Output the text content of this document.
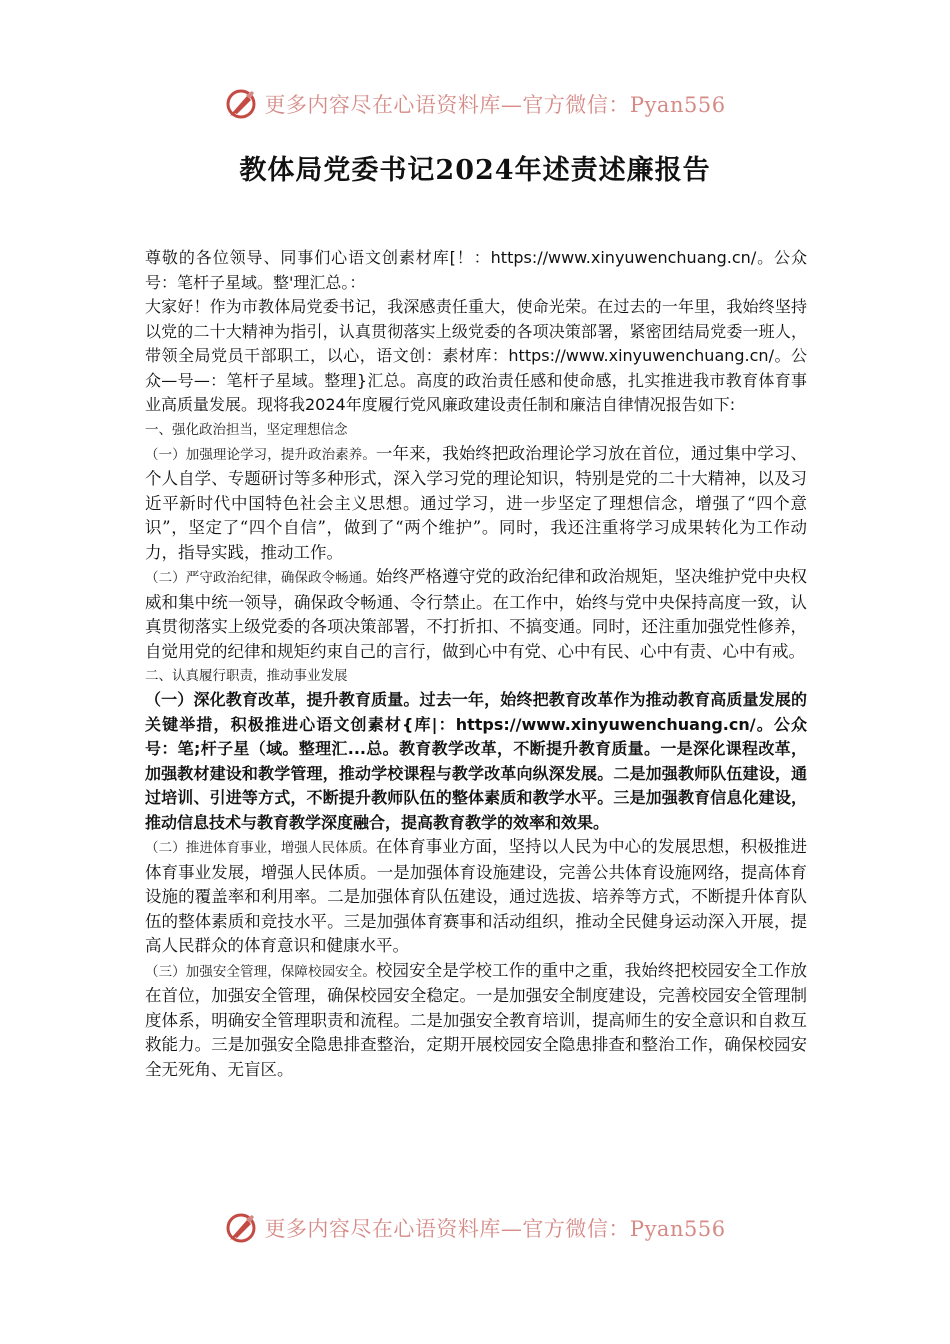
更多内容尽在心语资料库—官方微信：Pyan556
教体局党委书记2024年述责述廉报告
尊敬的各位领导、同事们心语文创素材库[！：https://www.xinyuwenchuang.cn/。公众号：笔杆子星域。整'理汇总。：
大家好！作为市教体局党委书记，我深感责任重大，使命光荣。在过去的一年里，我始终坚持以党的二十大精神为指引，认真贯彻落实上级党委的各项决策部署，紧密团结局党委一班人，带领全局党员干部职工，以心，语文创：素材库：https://www.xinyuwenchuang.cn/。公众—号—：笔杆子星域。整理}汇总。高度的政治责任感和使命感，扎实推进我市教育体育事业高质量发展。现将我2024年度履行党风廉政建设责任制和廉洁自律情况报告如下:
一、强化政治担当，坚定理想信念
（一）加强理论学习，提升政治素养。一年来，我始终把政治理论学习放在首位，通过集中学习、个人自学、专题研讨等多种形式，深入学习党的理论知识，特别是党的二十大精神，以及习近平新时代中国特色社会主义思想。通过学习，进一步坚定了理想信念，增强了“四个意识”，坚定了“四个自信”，做到了“两个维护”。同时，我还注重将学习成果转化为工作动力，指导实践，推动工作。
（二）严守政治纪律，确保政令畅通。始终严格遵守党的政治纪律和政治规矩，坚决维护党中央权威和集中统一领导，确保政令畅通、令行禁止。在工作中，始终与党中央保持高度一致，认真贯彻落实上级党委的各项决策部署，不打折扣、不搞变通。同时，还注重加强党性修养，自觉用党的纪律和规矩约束自己的言行，做到心中有党、心中有民、心中有责、心中有戒。
二、认真履行职责，推动事业发展
（一）深化教育改革，提升教育质量。过去一年，始终把教育改革作为推动教育高质量发展的关键举措，积极推进心语文创素材{库|：https://www.xinyuwenchuang.cn/。公众号：笔;杆子星（域。整理汇...总。教育教学改革，不断提升教育质量。一是深化课程改革，加强教材建设和教学管理，推动学校课程与教学改革向纵深发展。二是加强教师队伍建设，通过培训、引进等方式，不断提升教师队伍的整体素质和教学水平。三是加强教育信息化建设，推动信息技术与教育教学深度融合，提高教育教学的效率和效果。
（二）推进体育事业，增强人民体质。在体育事业方面，坚持以人民为中心的发展思想，积极推进体育事业发展，增强人民体质。一是加强体育设施建设，完善公共体育设施网络，提高体育设施的覆盖率和利用率。二是加强体育队伍建设，通过选拔、培养等方式，不断提升体育队伍的整体素质和竞技水平。三是加强体育赛事和活动组织，推动全民健身运动深入开展，提高人民群众的体育意识和健康水平。
（三）加强安全管理，保障校园安全。校园安全是学校工作的重中之重，我始终把校园安全工作放在首位，加强安全管理，确保校园安全稳定。一是加强安全制度建设，完善校园安全管理制度体系，明确安全管理职责和流程。二是加强安全教育培训，提高师生的安全意识和自救互救能力。三是加强安全隐患排查整治，定期开展校园安全隐患排查和整治工作，确保校园安全无死角、无盲区。
更多内容尽在心语资料库—官方微信：Pyan556
